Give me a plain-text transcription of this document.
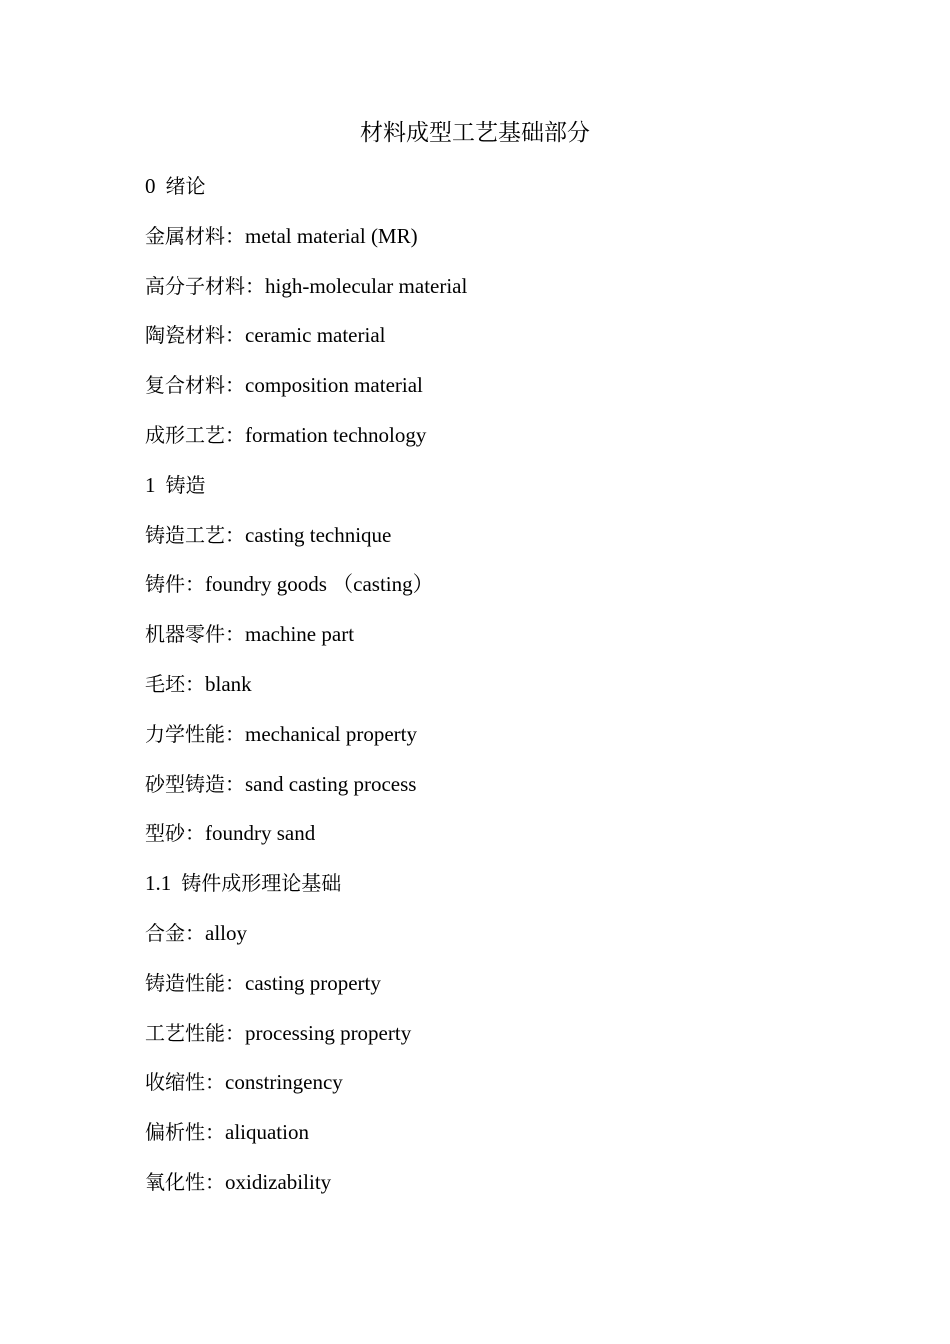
材料成型工艺基础部分
0 绪论
金属材料：metal material (MR)
高分子材料：high-molecular material
陶瓷材料：ceramic material
复合材料：composition material
成形工艺：formation technology
1 铸造
铸造工艺：casting technique
铸件：foundry goods （casting）
机器零件：machine part
毛坯：blank
力学性能：mechanical property
砂型铸造：sand casting process
型砂：foundry sand
1.1 铸件成形理论基础
合金：alloy
铸造性能：casting property
工艺性能：processing property
收缩性：constringency
偏析性：aliquation
氧化性：oxidizability
